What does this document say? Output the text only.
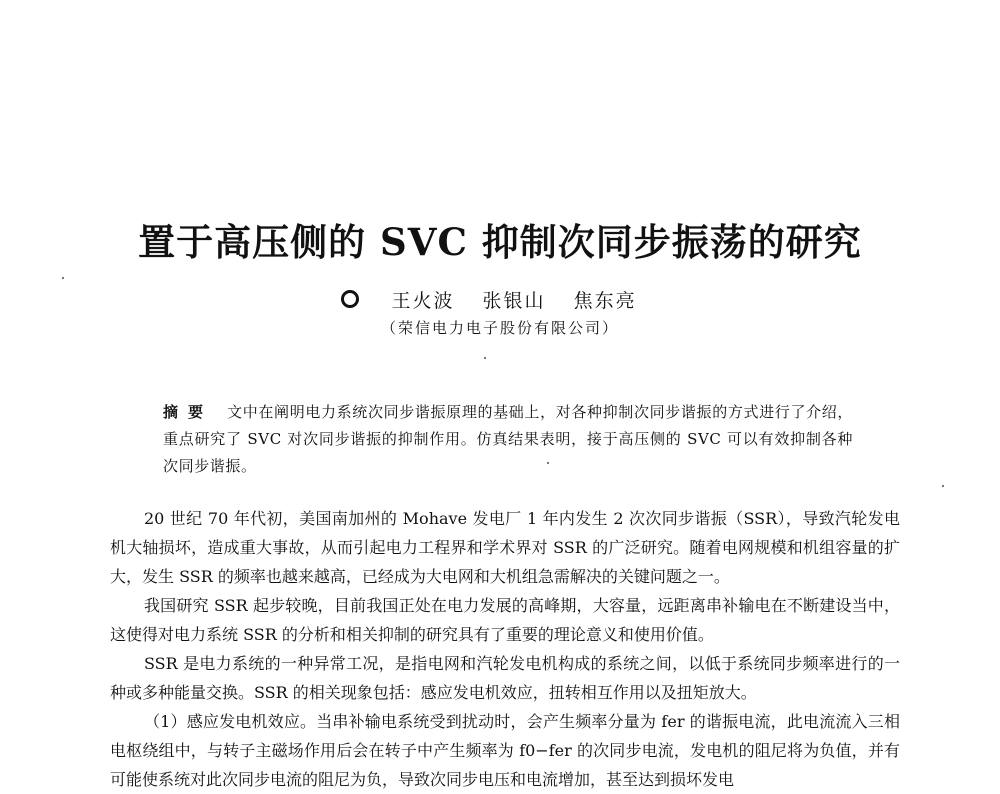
置于高压侧的 SVC 抑制次同步振荡的研究
王火波 张银山 焦东亮
（荣信电力电子股份有限公司）
摘要 文中在阐明电力系统次同步谐振原理的基础上，对各种抑制次同步谐振的方式进行了介绍，重点研究了 SVC 对次同步谐振的抑制作用。仿真结果表明，接于高压侧的 SVC 可以有效抑制各种次同步谐振。

20 世纪 70 年代初，美国南加州的 Mohave 发电厂 1 年内发生 2 次次同步谐振（SSR），导致汽轮发电机大轴损坏，造成重大事故，从而引起电力工程界和学术界对 SSR 的广泛研究。随着电网规模和机组容量的扩大，发生 SSR 的频率也越来越高，已经成为大电网和大机组急需解决的关键问题之一。

我国研究 SSR 起步较晚，目前我国正处在电力发展的高峰期，大容量，远距离串补输电在不断建设当中，这使得对电力系统 SSR 的分析和相关抑制的研究具有了重要的理论意义和使用价值。

SSR 是电力系统的一种异常工况，是指电网和汽轮发电机构成的系统之间，以低于系统同步频率进行的一种或多种能量交换。SSR 的相关现象包括：感应发电机效应，扭转相互作用以及扭矩放大。

（1）感应发电机效应。当串补输电系统受到扰动时，会产生频率分量为 fer 的谐振电流，此电流流入三相电枢绕组中，与转子主磁场作用后会在转子中产生频率为 f0−fer 的次同步电流，发电机的阻尼将为负值，并有可能使系统对此次同步电流的阻尼为负，导致次同步电压和电流增加，甚至达到损坏发电
